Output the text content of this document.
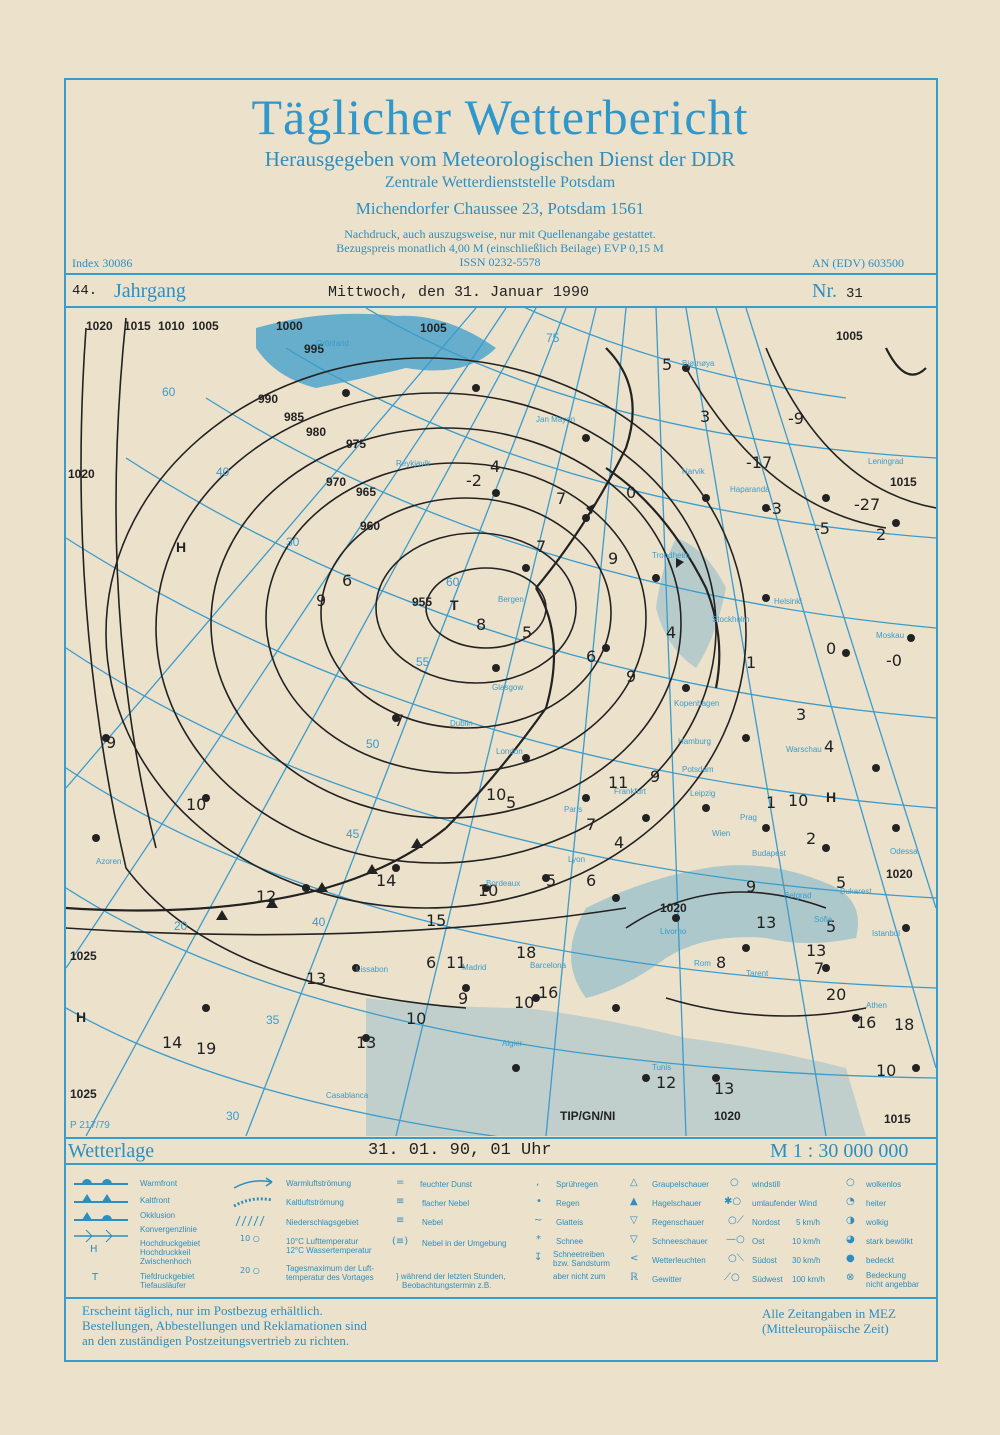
Täglicher Wetterbericht
Herausgegeben vom Meteorologischen Dienst der DDR
Zentrale Wetterdienststelle Potsdam
Michendorfer Chaussee 23, Potsdam 1561
Nachdruck, auch auszugsweise, nur mit Quellenangabe gestattet.
Bezugspreis monatlich 4,00 M (einschließlich Beilage) EVP 0,15 M
ISSN 0232-5578
Index 30086	AN (EDV) 603500
44. Jahrgang	Mittwoch, den 31. Januar 1990	Nr. 31
1020 1015 1010 1005	1000	1005
995
990
985
980
975
970
965
960
955
1020
1025
1025
1020
1020
1015
1005
1015
1020
75
60
55
50
45
40
35
30
40
30
60
20
5
3	-9
-17
-3
0
-5
-27
2
0
-0
4
-2
7
7
9
6
9
8 5
6
9
4
1
3
4
1 10
2
5
5
13
7
9
13
8
7
10
5 6
10
14
15
6 11
18
16
10
9
10
13
13
9
10
12
14 19
16 18
10
12 13
7
4
9
11
5
20
Jan Mayen
Narvik
Haparanda
Trondheim
Stockholm
Helsinki
Leningrad
Moskau
Bergen
Glasgow
Dublin
London
Kopenhagen
Hamburg
Warschau
Potsdam
Leipzig
Frankfurt
Paris
Prag
Wien
Budapest
Lyon
Bordeaux
Belgrad	Bukarest
Odessa
Sofia
Istanbul
Livorno
Rom
Tarent
Madrid
Lissabon	Barcelona
Algier
Tunis
Athen
Casablanca
Azoren
Reykjavik
Grönland
Bjørnøya
T
H
H
H
P 217/79
TIP/GN/NI
Wetterlage	31. 01. 90, 01 Uhr	M 1 : 30 000 000
Warmfront
Kaltfront
Okklusion
Konvergenzlinie
H
Hochdruckgebiet
Hochdruckkeil
Zwischenhoch
T	Tiefdruckgebiet
Tiefausläufer
Warmluftströmung
Kaltluftströmung
Niederschlagsgebiet
10 ○	10°C Lufttemperatur
12°C Wassertemperatur
20 ○	Tagesmaximum der Luft-
temperatur des Vortages
= feuchter Dunst
≡ flacher Nebel
≡ Nebel
(≡) Nebel in der Umgebung
} während der letzten Stunden,
Beobachtungstermin z.B.
, Sprühregen
• Regen
~ Glatteis
* Schnee
↧ Schneetreiben
bzw. Sandsturm
aber nicht zum
△ Graupelschauer
▲ Hagelschauer
▽ Regenschauer
▽ Schneeschauer
< Wetterleuchten
ℝ Gewitter
○ windstill
✱○ umlaufender Wind
○⟋ Nordost 5 km/h
—○ Ost	10 km/h
○⟍ Südost 30 km/h
⟋○ Südwest 100 km/h
○ wolkenlos
◔ heiter
◑ wolkig
◕ stark bewölkt
● bedeckt
⊗ Bedeckung
nicht angebbar
Erscheint täglich, nur im Postbezug erhältlich.
Bestellungen, Abbestellungen und Reklamationen sind
an den zuständigen Postzeitungsvertrieb zu richten.
Alle Zeitangaben in MEZ
(Mitteleuropäische Zeit)
